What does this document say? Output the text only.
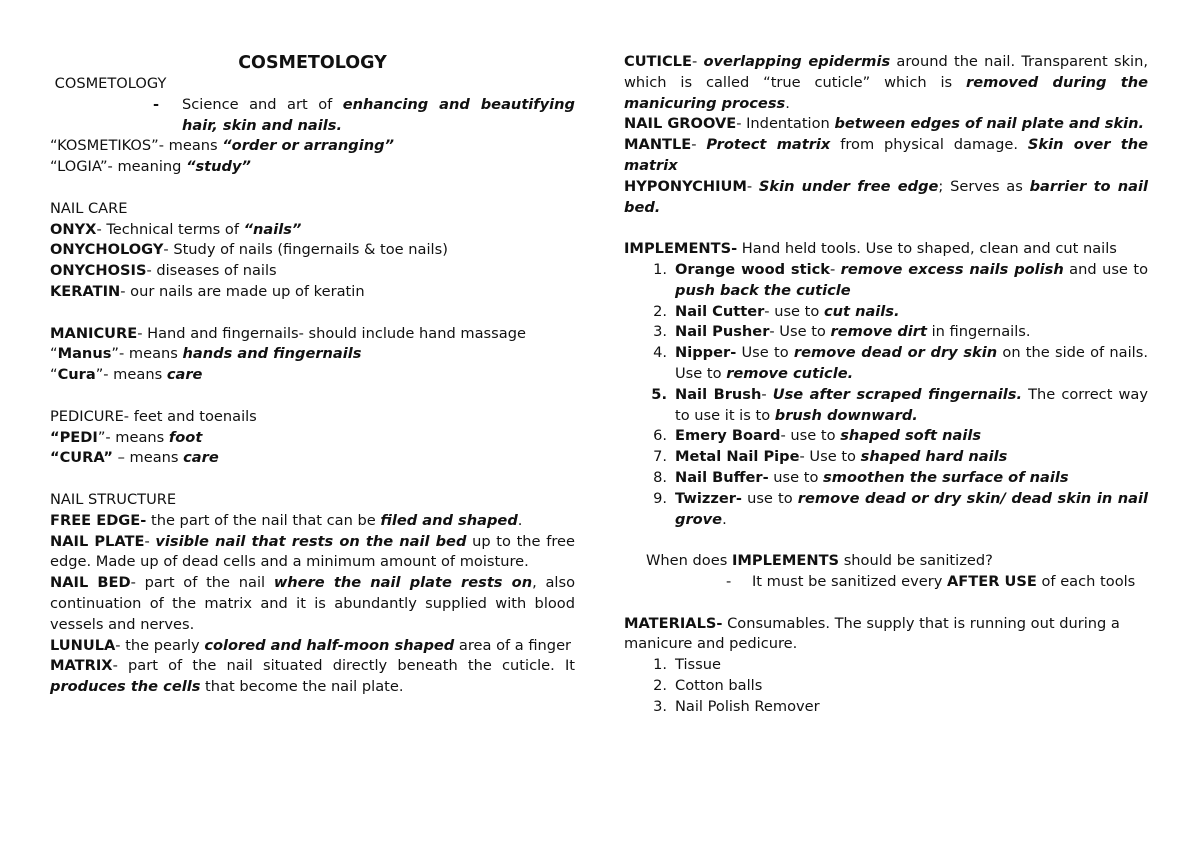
COSMETOLOGY

COSMETOLOGY

-	Science and art of enhancing and beautifying hair, skin and nails.

“KOSMETIKOS”- means “order or arranging”

“LOGIA”- meaning “study”

NAIL CARE

ONYX- Technical terms of “nails”

ONYCHOLOGY- Study of nails (fingernails & toe nails)

ONYCHOSIS- diseases of nails

KERATIN- our nails are made up of keratin

MANICURE- Hand and fingernails- should include hand massage

“Manus”- means hands and fingernails

“Cura”- means care

PEDICURE- feet and toenails

“PEDI”- means foot

“CURA” – means care

NAIL STRUCTURE

FREE EDGE- the part of the nail that can be filed and shaped.

NAIL PLATE- visible nail that rests on the nail bed up to the free edge. Made up of dead cells and a minimum amount of moisture.

NAIL BED- part of the nail where the nail plate rests on, also continuation of the matrix and it is abundantly supplied with blood vessels and nerves.

LUNULA- the pearly colored and half-moon shaped area of a finger

MATRIX- part of the nail situated directly beneath the cuticle. It produces the cells that become the nail plate.

CUTICLE- overlapping epidermis around the nail. Transparent skin, which is called “true cuticle” which is removed during the manicuring process.

NAIL GROOVE- Indentation between edges of nail plate and skin.

MANTLE- Protect matrix from physical damage. Skin over the matrix

HYPONYCHIUM- Skin under free edge; Serves as barrier to nail bed.

IMPLEMENTS- Hand held tools. Use to shaped, clean and cut nails

1. Orange wood stick- remove excess nails polish and use to push back the cuticle
2. Nail Cutter- use to cut nails.
3. Nail Pusher- Use to remove dirt in fingernails.
4. Nipper- Use to remove dead or dry skin on the side of nails. Use to remove cuticle.
5. Nail Brush- Use after scraped fingernails. The correct way to use it is to brush downward.
6. Emery Board- use to shaped soft nails
7. Metal Nail Pipe- Use to shaped hard nails
8. Nail Buffer- use to smoothen the surface of nails
9. Twizzer- use to remove dead or dry skin/ dead skin in nail grove.

When does IMPLEMENTS should be sanitized?

-	It must be sanitized every AFTER USE of each tools

MATERIALS- Consumables. The supply that is running out during a manicure and pedicure.

1. Tissue
2. Cotton balls
3. Nail Polish Remover
